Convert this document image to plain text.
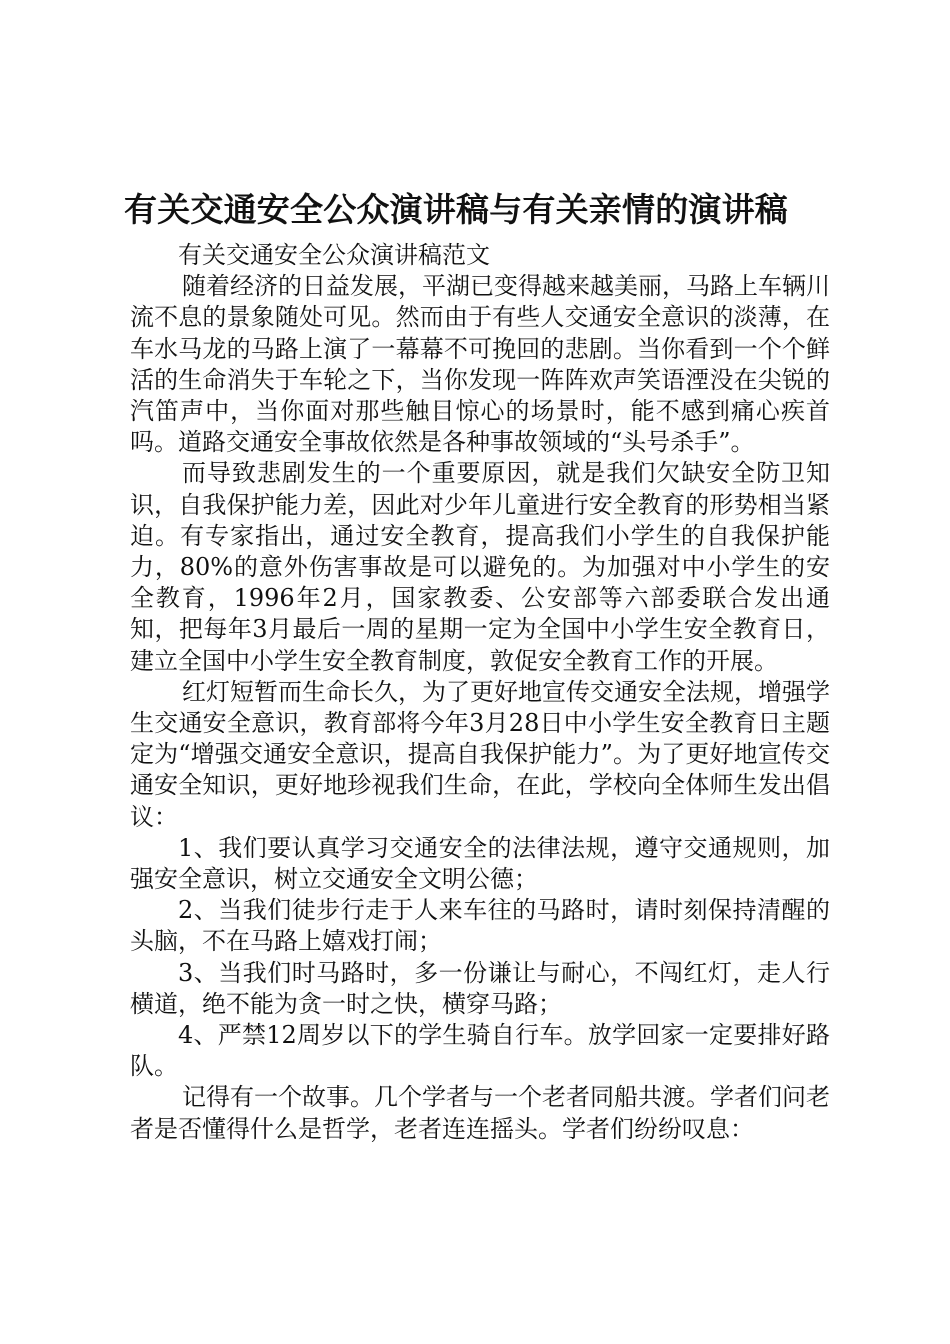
有关交通安全公众演讲稿与有关亲情的演讲稿

有关交通安全公众演讲稿范文

随着经济的日益发展，平湖已变得越来越美丽，马路上车辆川流不息的景象随处可见。然而由于有些人交通安全意识的淡薄，在车水马龙的马路上演了一幕幕不可挽回的悲剧。当你看到一个个鲜活的生命消失于车轮之下，当你发现一阵阵欢声笑语湮没在尖锐的汽笛声中，当你面对那些触目惊心的场景时，能不感到痛心疾首吗。道路交通安全事故依然是各种事故领域的“头号杀手”。

而导致悲剧发生的一个重要原因，就是我们欠缺安全防卫知识，自我保护能力差，因此对少年儿童进行安全教育的形势相当紧迫。有专家指出，通过安全教育，提高我们小学生的自我保护能力，80%的意外伤害事故是可以避免的。为加强对中小学生的安全教育，1996年2月，国家教委、公安部等六部委联合发出通知，把每年3月最后一周的星期一定为全国中小学生安全教育日，建立全国中小学生安全教育制度，敦促安全教育工作的开展。

红灯短暂而生命长久，为了更好地宣传交通安全法规，增强学生交通安全意识，教育部将今年3月28日中小学生安全教育日主题定为“增强交通安全意识，提高自我保护能力”。为了更好地宣传交通安全知识，更好地珍视我们生命，在此，学校向全体师生发出倡议：

1、我们要认真学习交通安全的法律法规，遵守交通规则，加强安全意识，树立交通安全文明公德；

2、当我们徒步行走于人来车往的马路时，请时刻保持清醒的头脑，不在马路上嬉戏打闹；

3、当我们时马路时，多一份谦让与耐心，不闯红灯，走人行横道，绝不能为贪一时之快，横穿马路；

4、严禁12周岁以下的学生骑自行车。放学回家一定要排好路队。

记得有一个故事。几个学者与一个老者同船共渡。学者们问老者是否懂得什么是哲学，老者连连摇头。学者们纷纷叹息：
